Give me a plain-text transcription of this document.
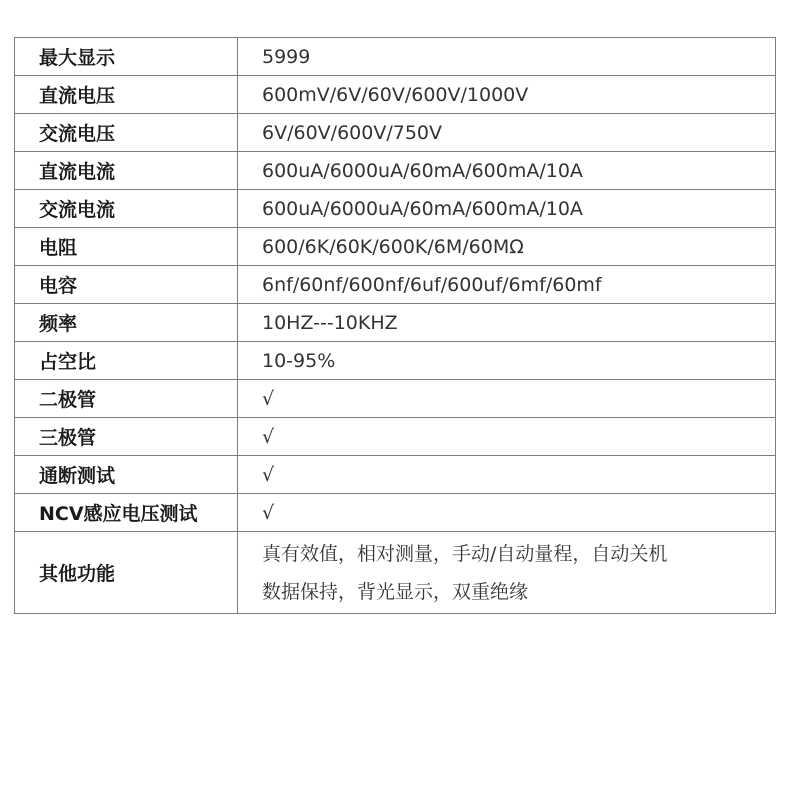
最大显示	5999
直流电压	600mV/6V/60V/600V/1000V
交流电压	6V/60V/600V/750V
直流电流	600uA/6000uA/60mA/600mA/10A
交流电流	600uA/6000uA/60mA/600mA/10A
电阻	600/6K/60K/600K/6M/60MΩ
电容	6nf/60nf/600nf/6uf/600uf/6mf/60mf
频率	10HZ---10KHZ
占空比	10-95%
二极管	√
三极管	√
通断测试	√
NCV感应电压测试	√
其他功能	真有效值，相对测量，手动/自动量程，自动关机
数据保持，背光显示，双重绝缘
